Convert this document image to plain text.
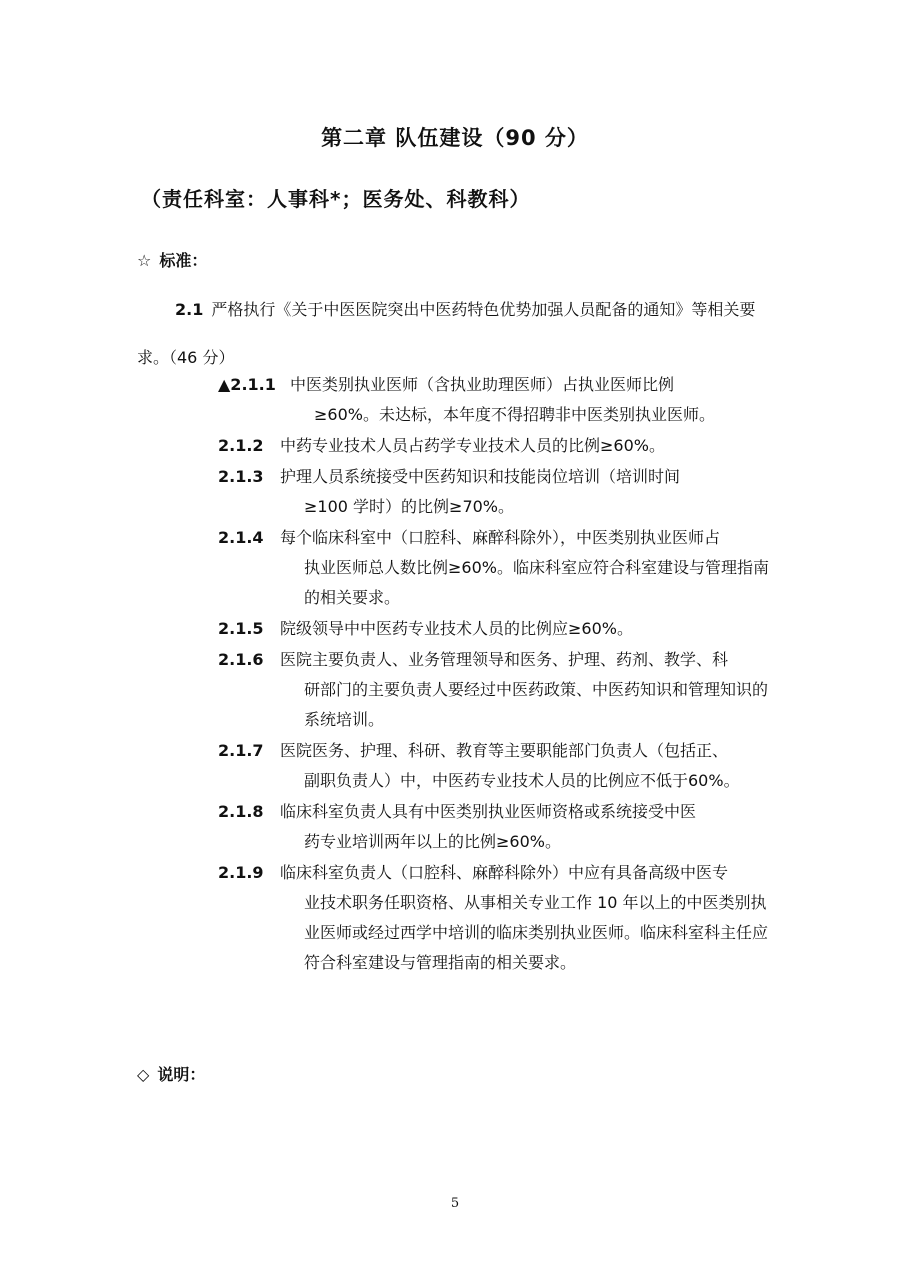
第二章 队伍建设（90 分）
（责任科室：人事科*；医务处、科教科）
☆ 标准：
2.1 严格执行《关于中医医院突出中医药特色优势加强人员配备的通知》等相关要求。（46 分）
▲2.1.1 中医类别执业医师（含执业助理医师）占执业医师比例
≥60%。未达标，本年度不得招聘非中医类别执业医师。
2.1.2	中药专业技术人员占药学专业技术人员的比例≥60%。
2.1.3	护理人员系统接受中医药知识和技能岗位培训（培训时间
≥100 学时）的比例≥70%。
2.1.4	每个临床科室中（口腔科、麻醉科除外），中医类别执业医师占
执业医师总人数比例≥60%。临床科室应符合科室建设与管理指南的相关要求。
2.1.5	院级领导中中医药专业技术人员的比例应≥60%。
2.1.6	医院主要负责人、业务管理领导和医务、护理、药剂、教学、科
研部门的主要负责人要经过中医药政策、中医药知识和管理知识的系统培训。
2.1.7	医院医务、护理、科研、教育等主要职能部门负责人（包括正、
副职负责人）中，中医药专业技术人员的比例应不低于60%。
2.1.8	临床科室负责人具有中医类别执业医师资格或系统接受中医
药专业培训两年以上的比例≥60%。
2.1.9	临床科室负责人（口腔科、麻醉科除外）中应有具备高级中医专
业技术职务任职资格、从事相关专业工作 10 年以上的中医类别执业医师或经过西学中培训的临床类别执业医师。临床科室科主任应符合科室建设与管理指南的相关要求。
◇ 说明：
5
